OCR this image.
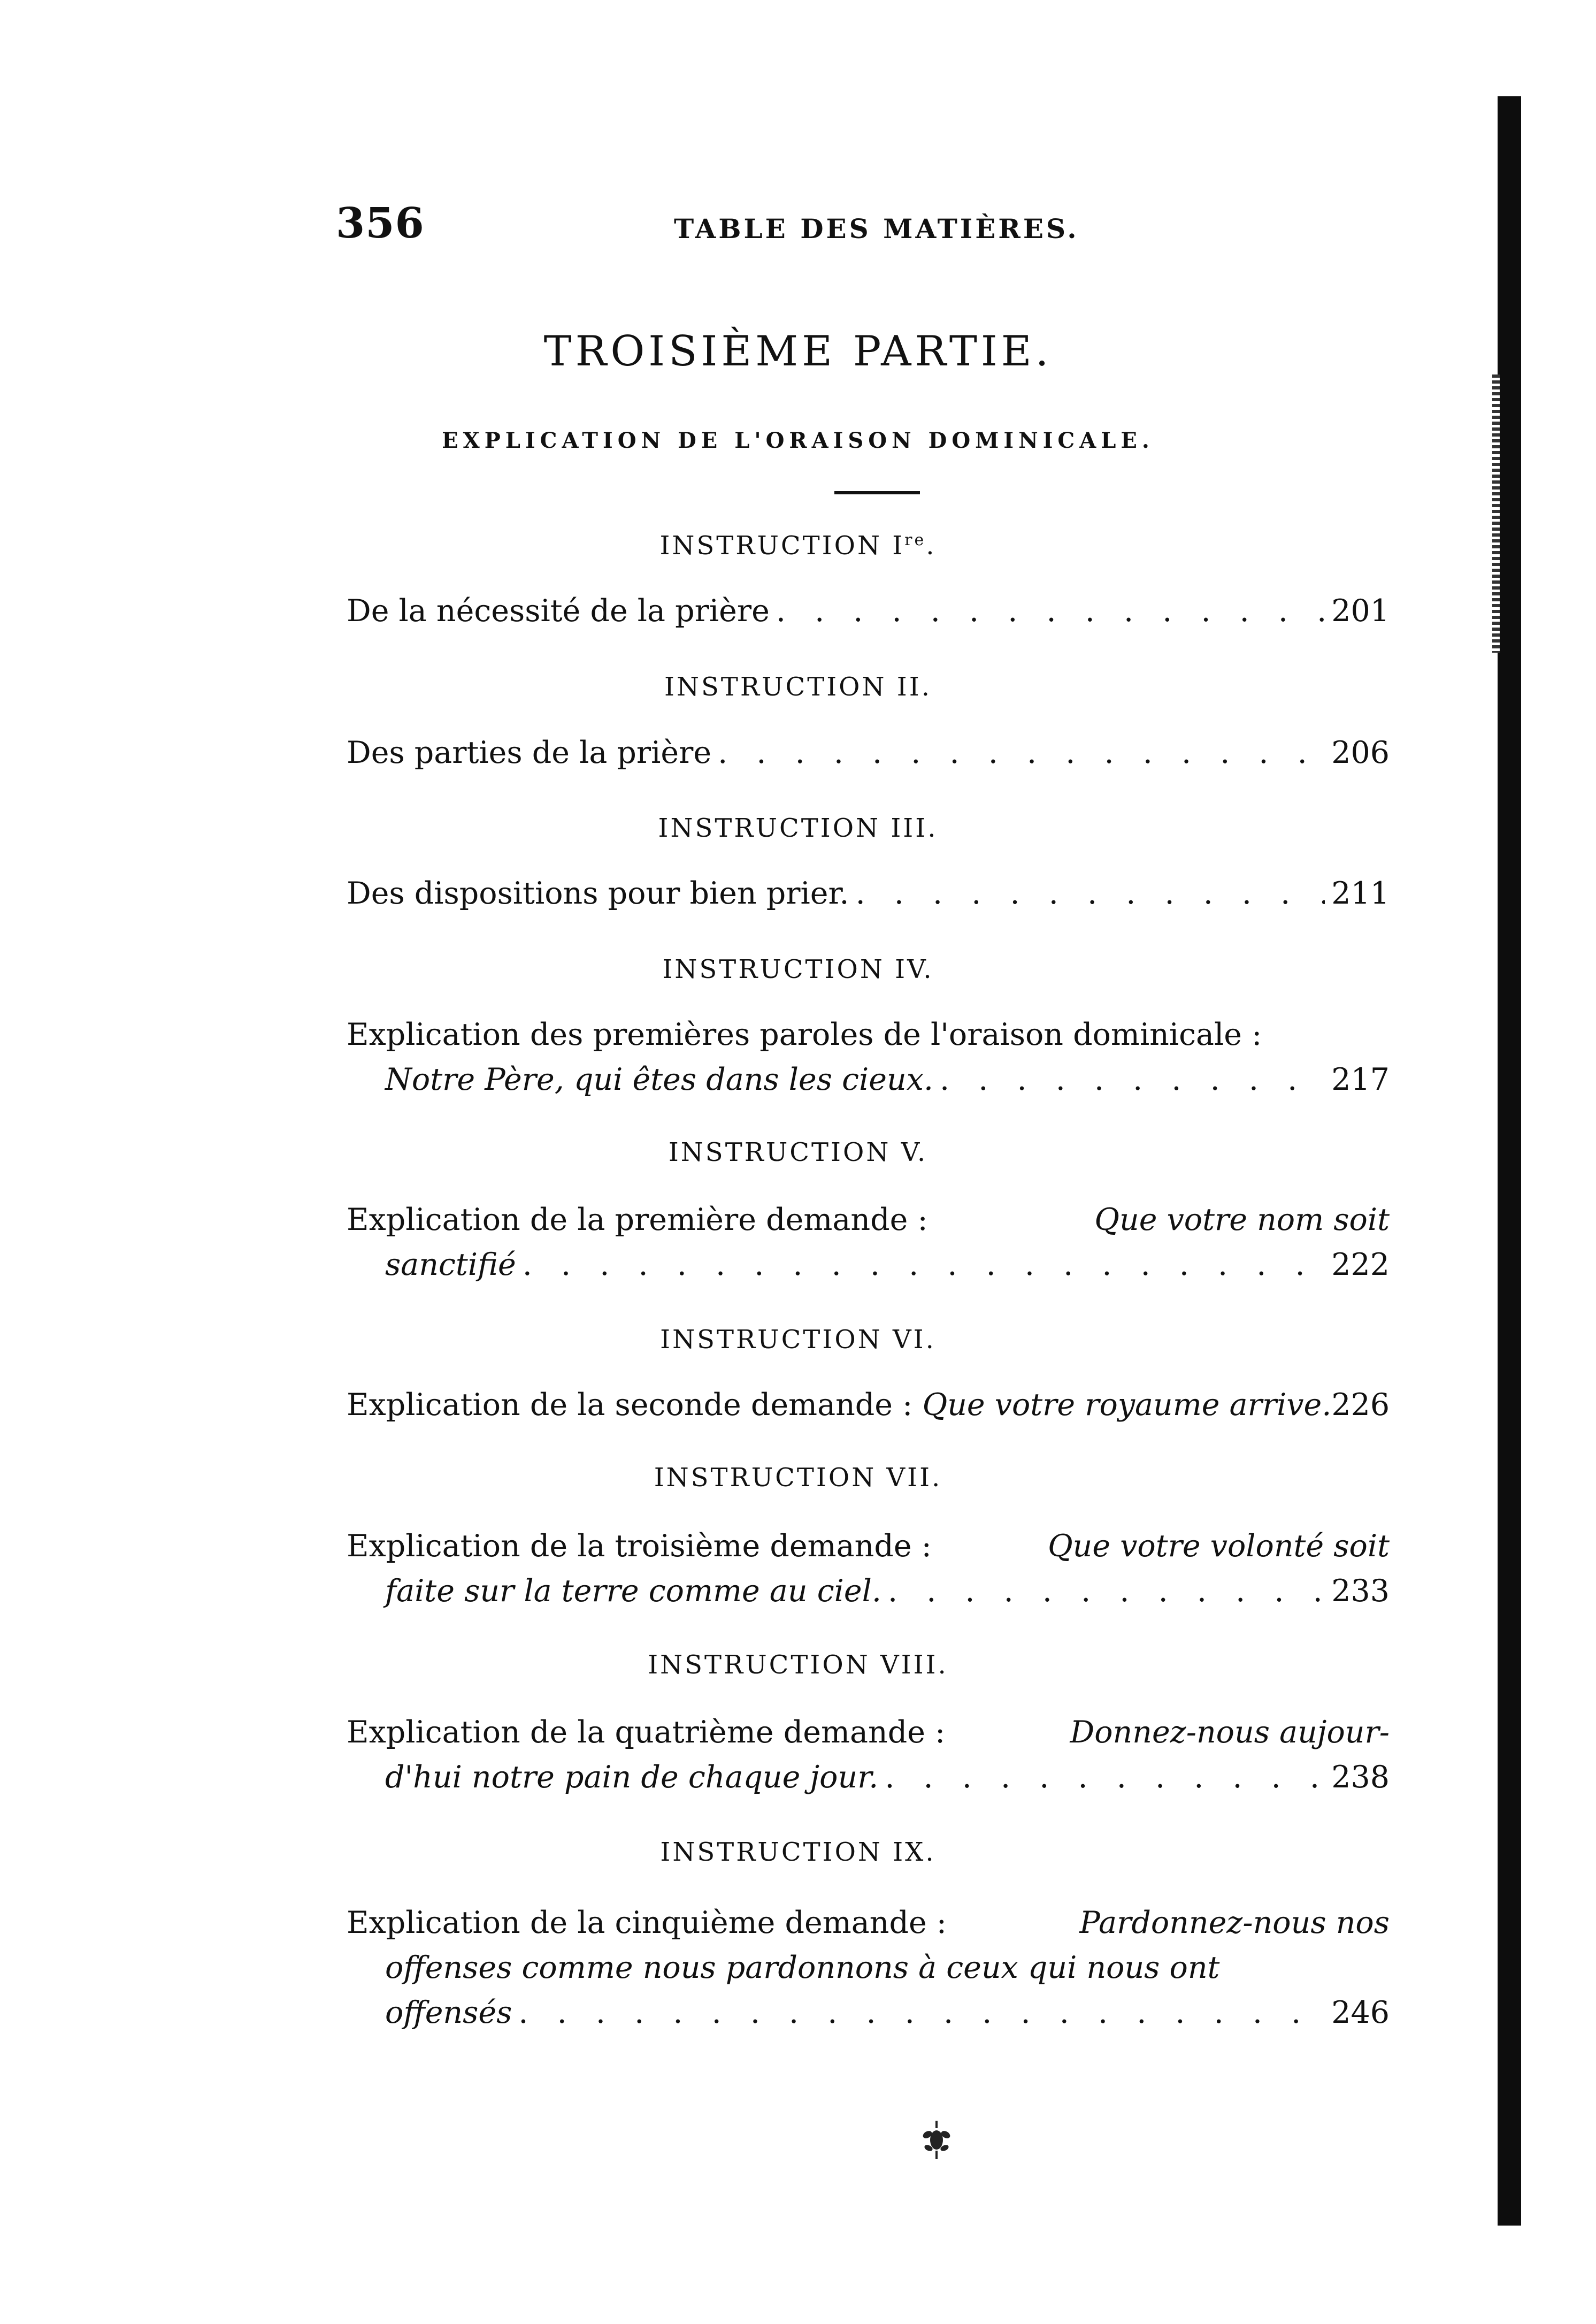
356	TABLE DES MATIÈRES.
TROISIÈME PARTIE.
EXPLICATION DE L'ORAISON DOMINICALE.
INSTRUCTION Ire.
De la nécessité de la prière . . .	201
INSTRUCTION II.
Des parties de la prière . . .	206
INSTRUCTION III.
Des dispositions pour bien prier. . . .	211
INSTRUCTION IV.
Explication des premières paroles de l'oraison dominicale :
Notre Père, qui êtes dans les cieux. . . .	217
INSTRUCTION V.
Explication de la première demande :	Que votre nom soit
sanctifié . . .	222
INSTRUCTION VI.
Explication de la seconde demande : Que votre royaume arrive. 226
INSTRUCTION VII.
Explication de la troisième demande :	Que votre volonté soit
faite sur la terre comme au ciel. . . .	233
INSTRUCTION VIII.
Explication de la quatrième demande :	Donnez-nous aujour-
d'hui notre pain de chaque jour. . . .	238
INSTRUCTION IX.
Explication de la cinquième demande :	Pardonnez-nous nos
offenses comme nous pardonnons à ceux qui nous ont
offensés . . .	246
